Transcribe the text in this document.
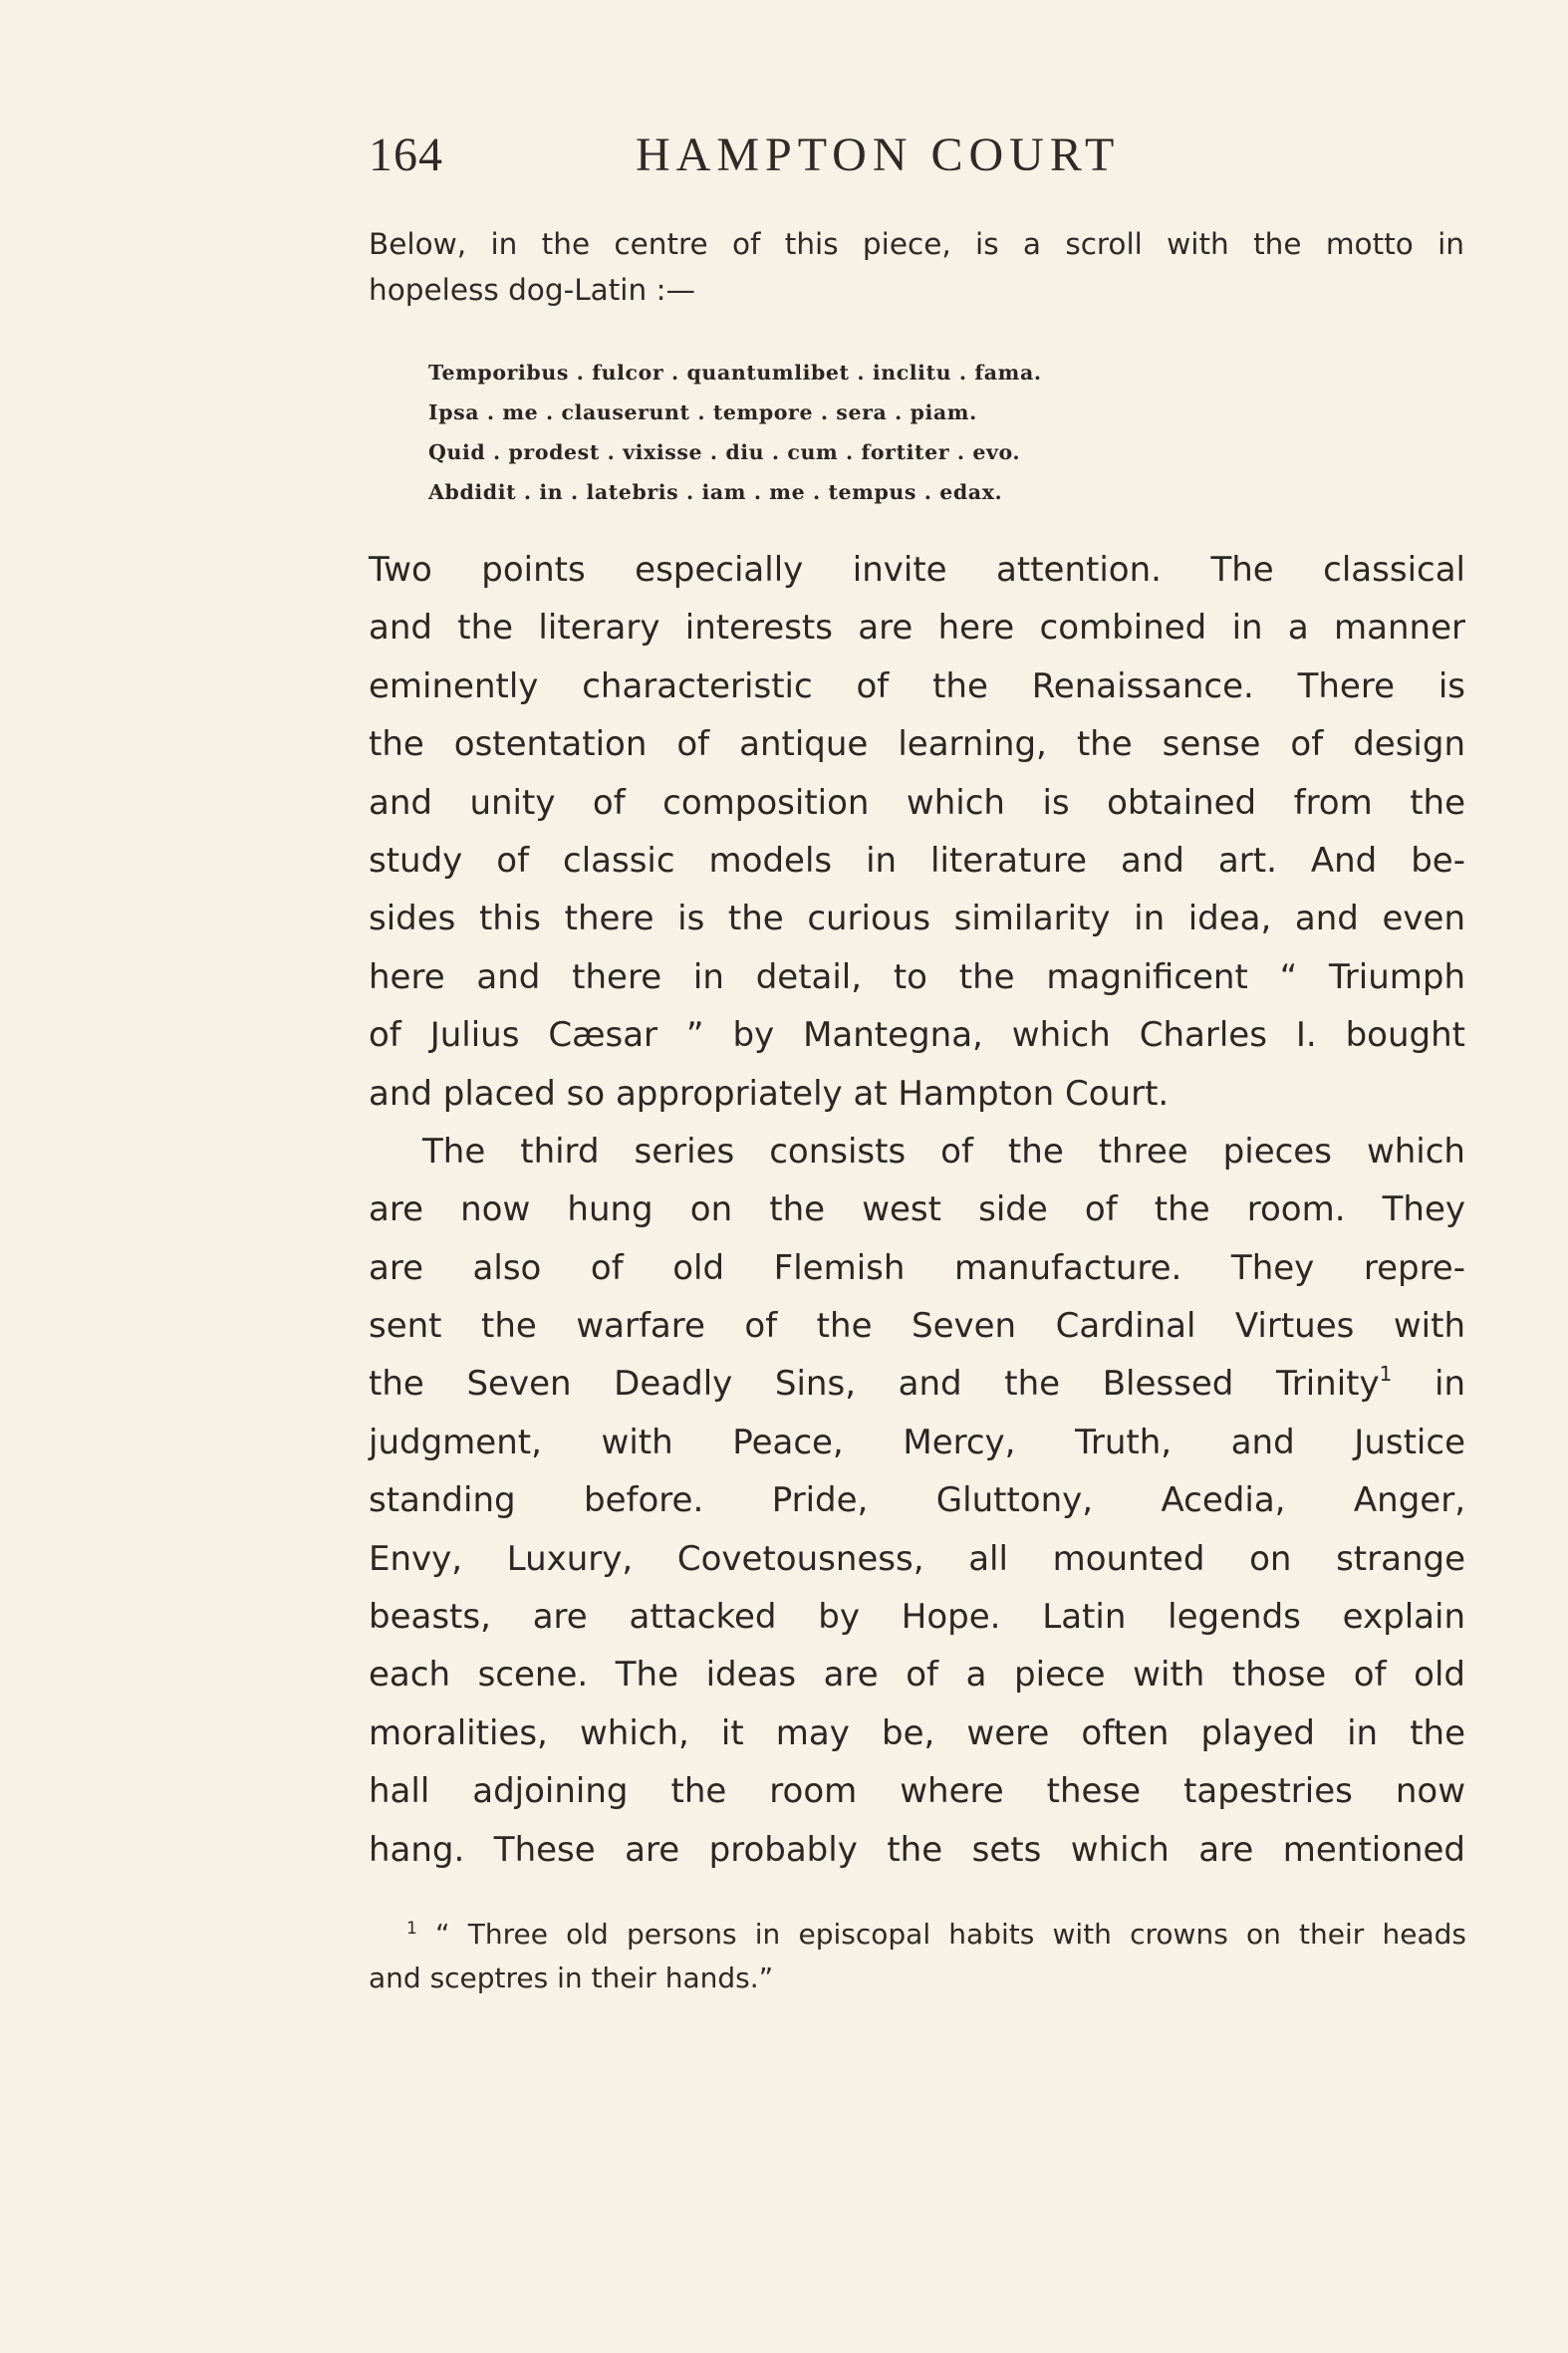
164	HAMPTON COURT
Below, in the centre of this piece, is a scroll with the motto in
hopeless dog-Latin :—
Temporibus . fulcor . quantumlibet . inclitu . fama.
Ipsa . me . clauserunt . tempore . sera . piam.
Quid . prodest . vixisse . diu . cum . fortiter . evo.
Abdidit . in . latebris . iam . me . tempus . edax.
Two points especially invite attention. The classical
and the literary interests are here combined in a manner
eminently characteristic of the Renaissance. There is
the ostentation of antique learning, the sense of design
and unity of composition which is obtained from the
study of classic models in literature and art. And be-
sides this there is the curious similarity in idea, and even
here and there in detail, to the magnificent “ Triumph
of Julius Cæsar ” by Mantegna, which Charles I. bought
and placed so appropriately at Hampton Court.
The third series consists of the three pieces which
are now hung on the west side of the room. They
are also of old Flemish manufacture. They repre-
sent the warfare of the Seven Cardinal Virtues with
the Seven Deadly Sins, and the Blessed Trinity$^1$ in
judgment, with Peace, Mercy, Truth, and Justice
standing before. Pride, Gluttony, Acedia, Anger,
Envy, Luxury, Covetousness, all mounted on strange
beasts, are attacked by Hope. Latin legends explain
each scene. The ideas are of a piece with those of old
moralities, which, it may be, were often played in the
hall adjoining the room where these tapestries now
hang. These are probably the sets which are mentioned
$^1$ “ Three old persons in episcopal habits with crowns on their heads
and sceptres in their hands.”
